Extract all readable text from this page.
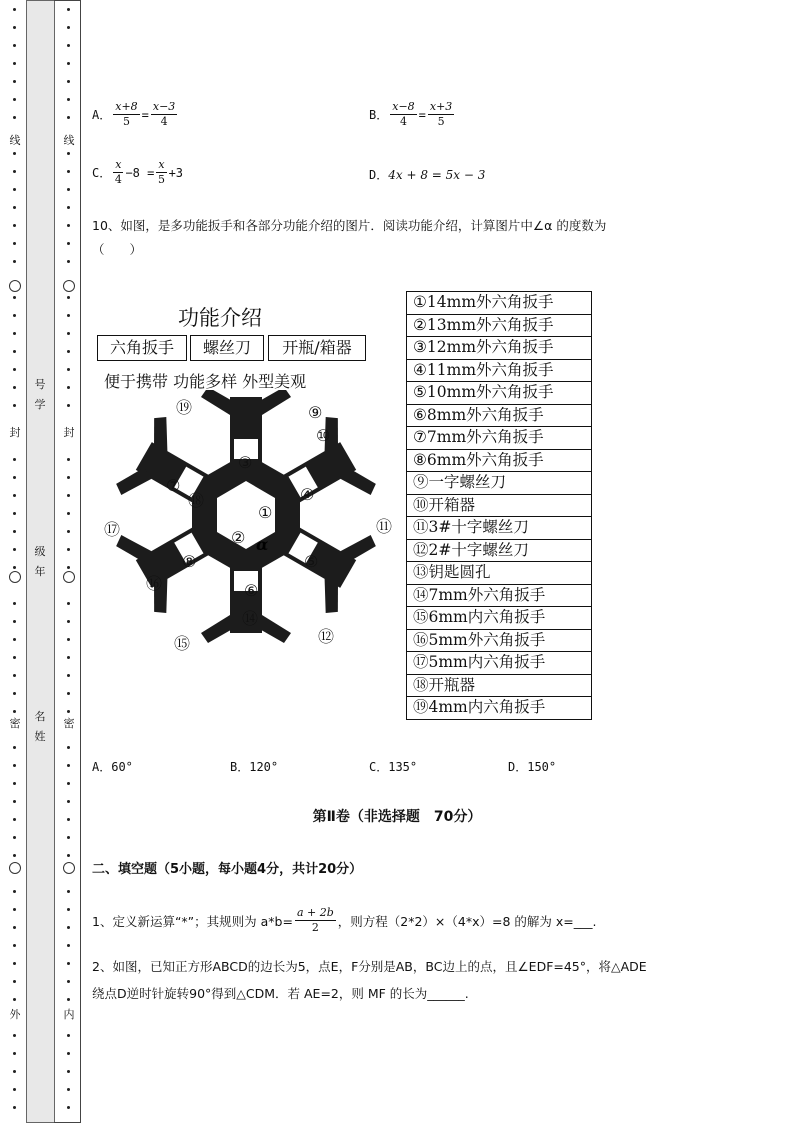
线
封
密
外
线
封
密
内
号
学
级
年
名
姓
A． $\frac{x+8}{5} = \frac{x-3}{4}$	B． $\frac{x-8}{4} = \frac{x+3}{5}$
C． $\frac{x}{4} -8 = \frac{x}{5} +3$	D． 4x + 8 = 5x − 3
10、如图，是多功能扳手和各部分功能介绍的图片．阅读功能介绍，计算图片中∠α 的度数为
（　　）
功能介绍
六角扳手	螺丝刀	开瓶/箱器
便于携带 功能多样 外型美观
α
⑲	⑨
⑩
③
⑦
⑱	④
①
⑰	⑪
②
⑧	⑤
⑯	⑥
⑬
⑭
⑮	⑫
①14mm外六角扳手
②13mm外六角扳手
③12mm外六角扳手
④11mm外六角扳手
⑤10mm外六角扳手
⑥8mm外六角扳手
⑦7mm外六角扳手
⑧6mm外六角扳手
⑨一字螺丝刀
⑩开箱器
⑪3#十字螺丝刀
⑫2#十字螺丝刀
⑬钥匙圆孔
⑭7mm外六角扳手
⑮6mm内六角扳手
⑯5mm外六角扳手
⑰5mm内六角扳手
⑱开瓶器
⑲4mm内六角扳手
A．60°	B．120°	C．135°	D．150°
第Ⅱ卷（非选择题　70分）
二、填空题（5小题，每小题4分，共计20分）
1、定义新运算“*”；其规则为 $a*b= \frac{a + 2b}{2}$ ，则方程（2*2）×（4*x）=8 的解为 x=___.
2、如图，已知正方形ABCD的边长为5，点E，F分别是AB，BC边上的点，且∠EDF=45°，将△ADE
绕点D逆时针旋转90°得到△CDM．若 AE=2，则 MF 的长为______.
